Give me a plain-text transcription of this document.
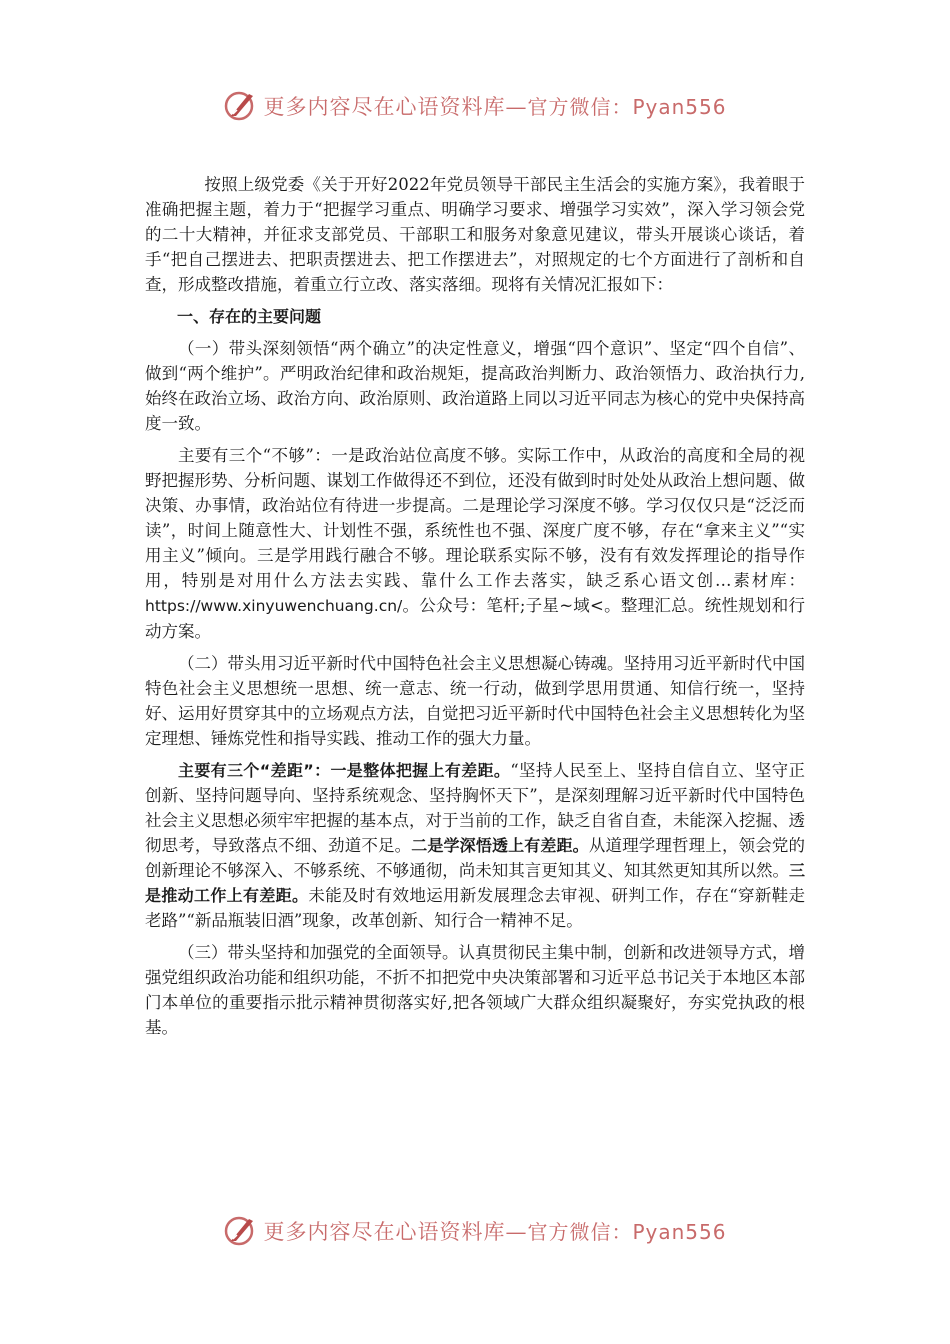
更多内容尽在心语资料库—官方微信：Pyan556

按照上级党委《关于开好2022年党员领导干部民主生活会的实施方案》，我着眼于准确把握主题，着力于“把握学习重点、明确学习要求、增强学习实效”，深入学习领会党的二十大精神，并征求支部党员、干部职工和服务对象意见建议，带头开展谈心谈话，着手“把自己摆进去、把职责摆进去、把工作摆进去”，对照规定的七个方面进行了剖析和自查，形成整改措施，着重立行立改、落实落细。现将有关情况汇报如下：

一、存在的主要问题

（一）带头深刻领悟“两个确立”的决定性意义，增强“四个意识”、坚定“四个自信”、做到“两个维护”。严明政治纪律和政治规矩，提高政治判断力、政治领悟力、政治执行力,始终在政治立场、政治方向、政治原则、政治道路上同以习近平同志为核心的党中央保持高度一致。

主要有三个“不够”：一是政治站位高度不够。实际工作中，从政治的高度和全局的视野把握形势、分析问题、谋划工作做得还不到位，还没有做到时时处处从政治上想问题、做决策、办事情，政治站位有待进一步提高。二是理论学习深度不够。学习仅仅只是“泛泛而读”，时间上随意性大、计划性不强，系统性也不强、深度广度不够，存在“拿来主义”“实用主义”倾向。三是学用践行融合不够。理论联系实际不够，没有有效发挥理论的指导作用，特别是对用什么方法去实践、靠什么工作去落实，缺乏系心语文创…素材库：https://www.xinyuwenchuang.cn/。公众号：笔杆;子星~域<。整理汇总。统性规划和行动方案。

（二）带头用习近平新时代中国特色社会主义思想凝心铸魂。坚持用习近平新时代中国特色社会主义思想统一思想、统一意志、统一行动，做到学思用贯通、知信行统一，坚持好、运用好贯穿其中的立场观点方法，自觉把习近平新时代中国特色社会主义思想转化为坚定理想、锤炼党性和指导实践、推动工作的强大力量。

主要有三个“差距”：一是整体把握上有差距。“坚持人民至上、坚持自信自立、坚守正创新、坚持问题导向、坚持系统观念、坚持胸怀天下”，是深刻理解习近平新时代中国特色社会主义思想必须牢牢把握的基本点，对于当前的工作，缺乏自省自查，未能深入挖掘、透彻思考，导致落点不细、劲道不足。二是学深悟透上有差距。从道理学理哲理上，领会党的创新理论不够深入、不够系统、不够通彻，尚未知其言更知其义、知其然更知其所以然。三是推动工作上有差距。未能及时有效地运用新发展理念去审视、研判工作，存在“穿新鞋走老路”“新品瓶装旧酒”现象，改革创新、知行合一精神不足。

（三）带头坚持和加强党的全面领导。认真贯彻民主集中制，创新和改进领导方式，增强党组织政治功能和组织功能，不折不扣把党中央决策部署和习近平总书记关于本地区本部门本单位的重要指示批示精神贯彻落实好,把各领域广大群众组织凝聚好，夯实党执政的根基。

更多内容尽在心语资料库—官方微信：Pyan556
